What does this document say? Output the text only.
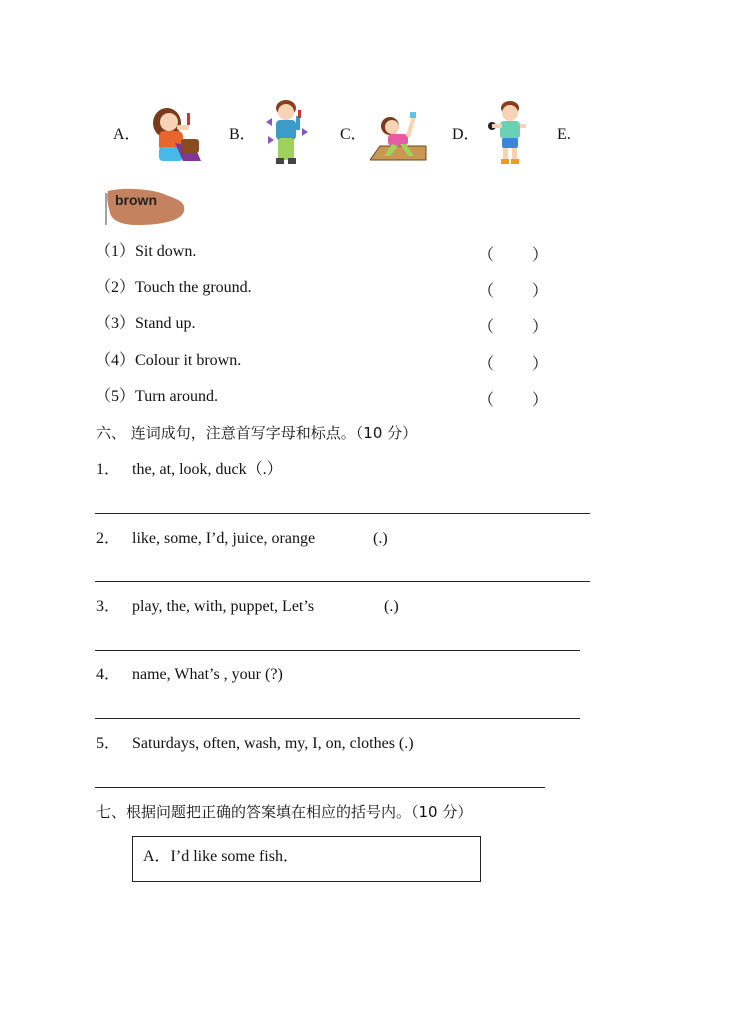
A．	B．	C．	D．	E.
brown
（1）Sit down.	（ ）
（2）Touch the ground.	（ ）
（3）Stand up.	（ ）
（4）Colour it brown.	（ ）
（5）Turn around.	（ ）
六、 连词成句，注意首写字母和标点。（10 分）
1． the, at, look, duck（.）
2． like, some, I’d, juice, orange	(.)
3． play, the, with, puppet, Let’s	(.)
4． name, What’s , your (?)
5． Saturdays, often, wash, my, I, on, clothes (.)
七、根据问题把正确的答案填在相应的括号内。（10 分）
A．I’d like some fish．
